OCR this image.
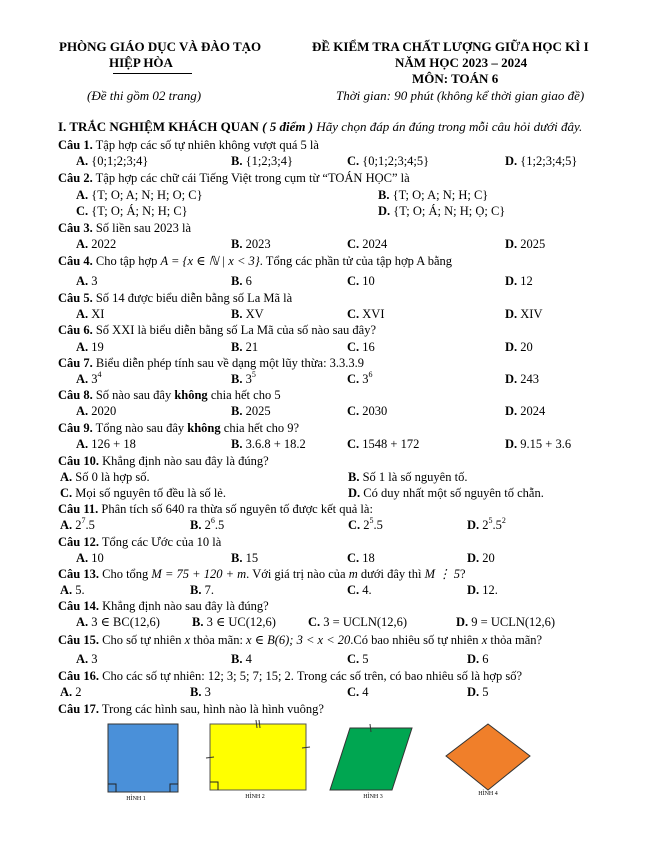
PHÒNG GIÁO DỤC VÀ ĐÀO TẠO
HIỆP HÒA
(Đề thi gồm 02 trang)
ĐỀ KIỂM TRA CHẤT LƯỢNG GIỮA HỌC KÌ I
NĂM HỌC 2023 – 2024
MÔN: TOÁN 6
Thời gian: 90 phút (không kể thời gian giao đề)
I. TRẮC NGHIỆM KHÁCH QUAN ( 5 điểm ) Hãy chọn đáp án đúng trong mỗi câu hỏi dưới đây.
Câu 1. Tập hợp các số tự nhiên không vượt quá 5 là
A. {0;1;2;3;4}	B. {1;2;3;4}	C. {0;1;2;3;4;5}	D. {1;2;3;4;5}
Câu 2. Tập hợp các chữ cái Tiếng Việt trong cụm từ “TOÁN HỌC” là
A. {T; O; A; N; H; O; C}	B. {T; O; A; N; H; C}
C. {T; O; Á; N; H; C}	D. {T; O; Á; N; H; Ọ; C}
Câu 3. Số liền sau 2023 là
A. 2022	B. 2023	C. 2024	D. 2025
Câu 4. Cho tập hợp A = {x ∈ ℕ | x < 3}. Tổng các phần tử của tập hợp A bằng
A. 3	B. 6	C. 10	D. 12
Câu 5. Số 14 được biểu diễn bằng số La Mã là
A. XI	B. XV	C. XVI	D. XIV
Câu 6. Số XXI là biểu diễn bằng số La Mã của số nào sau đây?
A. 19	B. 21	C. 16	D. 20
Câu 7. Biểu diễn phép tính sau về dạng một lũy thừa: 3.3.3.9
A. $3^4$	B. $3^5$	C. $3^6$	D. 243
Câu 8. Số nào sau đây không chia hết cho 5
A. 2020	B. 2025	C. 2030	D. 2024
Câu 9. Tổng nào sau đây không chia hết cho 9?
A. 126 + 18	B. 3.6.8 + 18.2	C. 1548 + 172	D. 9.15 + 3.6
Câu 10. Khẳng định nào sau đây là đúng?
A. Số 0 là hợp số.	B. Số 1 là số nguyên tố.
C. Mọi số nguyên tố đều là số lẻ.	D. Có duy nhất một số nguyên tố chẵn.
Câu 11. Phân tích số 640 ra thừa số nguyên tố được kết quả là:
A. $2^7.5$	B. $2^6.5$	C. $2^5.5$	D. $2^5.5^2$
Câu 12. Tổng các Ước của 10 là
A. 10	B. 15	C. 18	D. 20
Câu 13. Cho tổng M = 75 + 120 + m. Với giá trị nào của m dưới đây thì M ⋮ 5?
A. 5.	B. 7.	C. 4.	D. 12.
Câu 14. Khẳng định nào sau đây là đúng?
A. 3 ∈ BC(12,6)	B. 3 ∈ UC(12,6)	C. 3 = UCLN(12,6)	D. 9 = UCLN(12,6)
Câu 15. Cho số tự nhiên x thỏa mãn: x ∈ B(6); 3 < x < 20.Có bao nhiêu số tự nhiên x thỏa mãn?
A. 3	B. 4	C. 5	D. 6
Câu 16. Cho các số tự nhiên: 12; 3; 5; 7; 15; 2. Trong các số trên, có bao nhiêu số là hợp số?
A. 2	B. 3	C. 4	D. 5
Câu 17. Trong các hình sau, hình nào là hình vuông?
HÌNH 1	HÌNH 2	HÌNH 3	HÌNH 4
